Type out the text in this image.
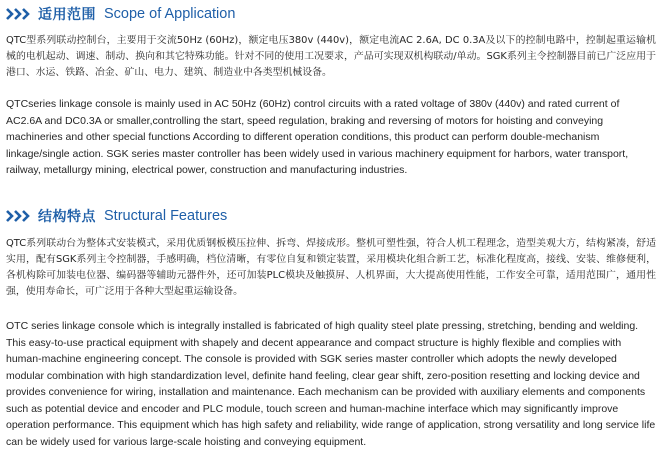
适用范围 Scope of Application

QTC型系列联动控制台，主要用于交流50Hz (60Hz)，额定电压380v (440v)，额定电流AC 2.6A, DC 0.3A及以下的控制电路中，控制起重运输机械的电机起动、调速、制动、换向和其它特殊功能。针对不同的使用工况要求，产品可实现双机构联动/单动。SGK系列主令控制器目前已广泛应用于港口、水运、铁路、冶金、矿山、电力、建筑、制造业中各类型机械设备。

QTCseries linkage console is mainly used in AC 50Hz (60Hz) control circuits with a rated voltage of 380v (440v) and rated current of AC2.6A and DC0.3A or smaller,controlling the start, speed regulation, braking and reversing of motors for hoisting and conveying machineries and other special functions According to different operation conditions, this product can perform double-mechanism linkage/single action. SGK series master controller has been widely used in various machinery equipment for harbors, water transport, railway, metallurgy mining, electrical power, construction and manufacturing industries.

结构特点 Structural Features

QTC系列联动台为整体式安装模式，采用优质钢板模压拉伸、拆弯、焊接成形。整机可塑性强，符合人机工程理念，造型美观大方，结构紧凑，舒适实用，配有SGK系列主令控制器，手感明确，档位清晰，有零位自复和锁定装置，采用模块化组合新工艺，标准化程度高，接线、安装、维修便利，各机构除可加装电位器、编码器等辅助元器件外，还可加装PLC模块及触摸屏、人机界面，大大提高使用性能，工作安全可靠，适用范围广，通用性强，使用寿命长，可广泛用于各种大型起重运输设备。

OTC series linkage console which is integrally installed is fabricated of high quality steel plate pressing, stretching, bending and welding. This easy-to-use practical equipment with shapely and decent appearance and compact structure is highly flexible and complies with human-machine engineering concept. The console is provided with SGK series master controller which adopts the newly developed modular combination with high standardization level, definite hand feeling, clear gear shift, zero-position resetting and locking device and provides convenience for wiring, installation and maintenance. Each mechanism can be provided with auxiliary elements and components such as potential device and encoder and PLC module, touch screen and human-machine interface which may significantly improve operation performance. This equipment which has high safety and reliability, wide range of application, strong versatility and long service life can be widely used for various large-scale hoisting and conveying equipment.
